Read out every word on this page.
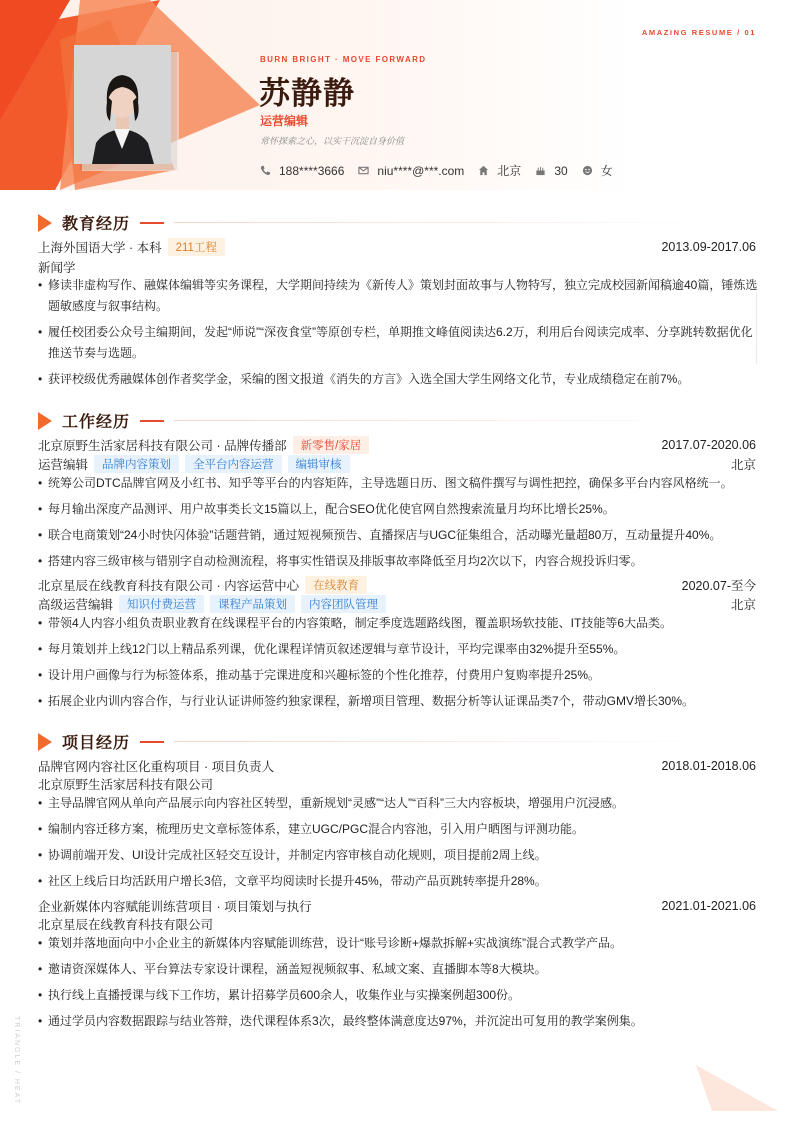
TRIANGLE / HEAT
AMAZING RESUME / 01
BURN BRIGHT · MOVE FORWARD
苏静静
运营编辑
常怀探索之心，以实干沉淀自身价值
188****3666	niu****@***.com	北京	30	女
教育经历
上海外国语大学 · 本科	211工程	2013.09-2017.06
新闻学
• 修读非虚构写作、融媒体编辑等实务课程，大学期间持续为《新传人》策划封面故事与人物特写，独立完成校园新闻稿逾40篇，锤炼选题敏感度与叙事结构。
• 履任校团委公众号主编期间，发起“师说”“深夜食堂”等原创专栏，单期推文峰值阅读达6.2万，利用后台阅读完成率、分享跳转数据优化推送节奏与选题。
• 获评校级优秀融媒体创作者奖学金，采编的图文报道《消失的方言》入选全国大学生网络文化节，专业成绩稳定在前7%。
工作经历
北京原野生活家居科技有限公司 · 品牌传播部	新零售/家居	2017.07-2020.06
运营编辑	品牌内容策划	全平台内容运营	编辑审核	北京
• 统筹公司DTC品牌官网及小红书、知乎等平台的内容矩阵，主导选题日历、图文稿件撰写与调性把控，确保多平台内容风格统一。
• 每月输出深度产品测评、用户故事类长文15篇以上，配合SEO优化使官网自然搜索流量月均环比增长25%。
• 联合电商策划“24小时快闪体验”话题营销，通过短视频预告、直播探店与UGC征集组合，活动曝光量超80万，互动量提升40%。
• 搭建内容三级审核与错别字自动检测流程，将事实性错误及排版事故率降低至月均2次以下，内容合规投诉归零。
北京星辰在线教育科技有限公司 · 内容运营中心	在线教育	2020.07-至今
高级运营编辑	知识付费运营	课程产品策划	内容团队管理	北京
• 带领4人内容小组负责职业教育在线课程平台的内容策略，制定季度选题路线图，覆盖职场软技能、IT技能等6大品类。
• 每月策划并上线12门以上精品系列课，优化课程详情页叙述逻辑与章节设计，平均完课率由32%提升至55%。
• 设计用户画像与行为标签体系，推动基于完课进度和兴趣标签的个性化推荐，付费用户复购率提升25%。
• 拓展企业内训内容合作，与行业认证讲师签约独家课程，新增项目管理、数据分析等认证课品类7个，带动GMV增长30%。
项目经历
品牌官网内容社区化重构项目 · 项目负责人	2018.01-2018.06
北京原野生活家居科技有限公司
• 主导品牌官网从单向产品展示向内容社区转型，重新规划“灵感”“达人”“百科”三大内容板块，增强用户沉浸感。
• 编制内容迁移方案，梳理历史文章标签体系，建立UGC/PGC混合内容池，引入用户晒图与评测功能。
• 协调前端开发、UI设计完成社区轻交互设计，并制定内容审核自动化规则，项目提前2周上线。
• 社区上线后日均活跃用户增长3倍，文章平均阅读时长提升45%，带动产品页跳转率提升28%。
企业新媒体内容赋能训练营项目 · 项目策划与执行	2021.01-2021.06
北京星辰在线教育科技有限公司
• 策划并落地面向中小企业主的新媒体内容赋能训练营，设计“账号诊断+爆款拆解+实战演练”混合式教学产品。
• 邀请资深媒体人、平台算法专家设计课程，涵盖短视频叙事、私域文案、直播脚本等8大模块。
• 执行线上直播授课与线下工作坊，累计招募学员600余人，收集作业与实操案例超300份。
• 通过学员内容数据跟踪与结业答辩，迭代课程体系3次，最终整体满意度达97%，并沉淀出可复用的教学案例集。
